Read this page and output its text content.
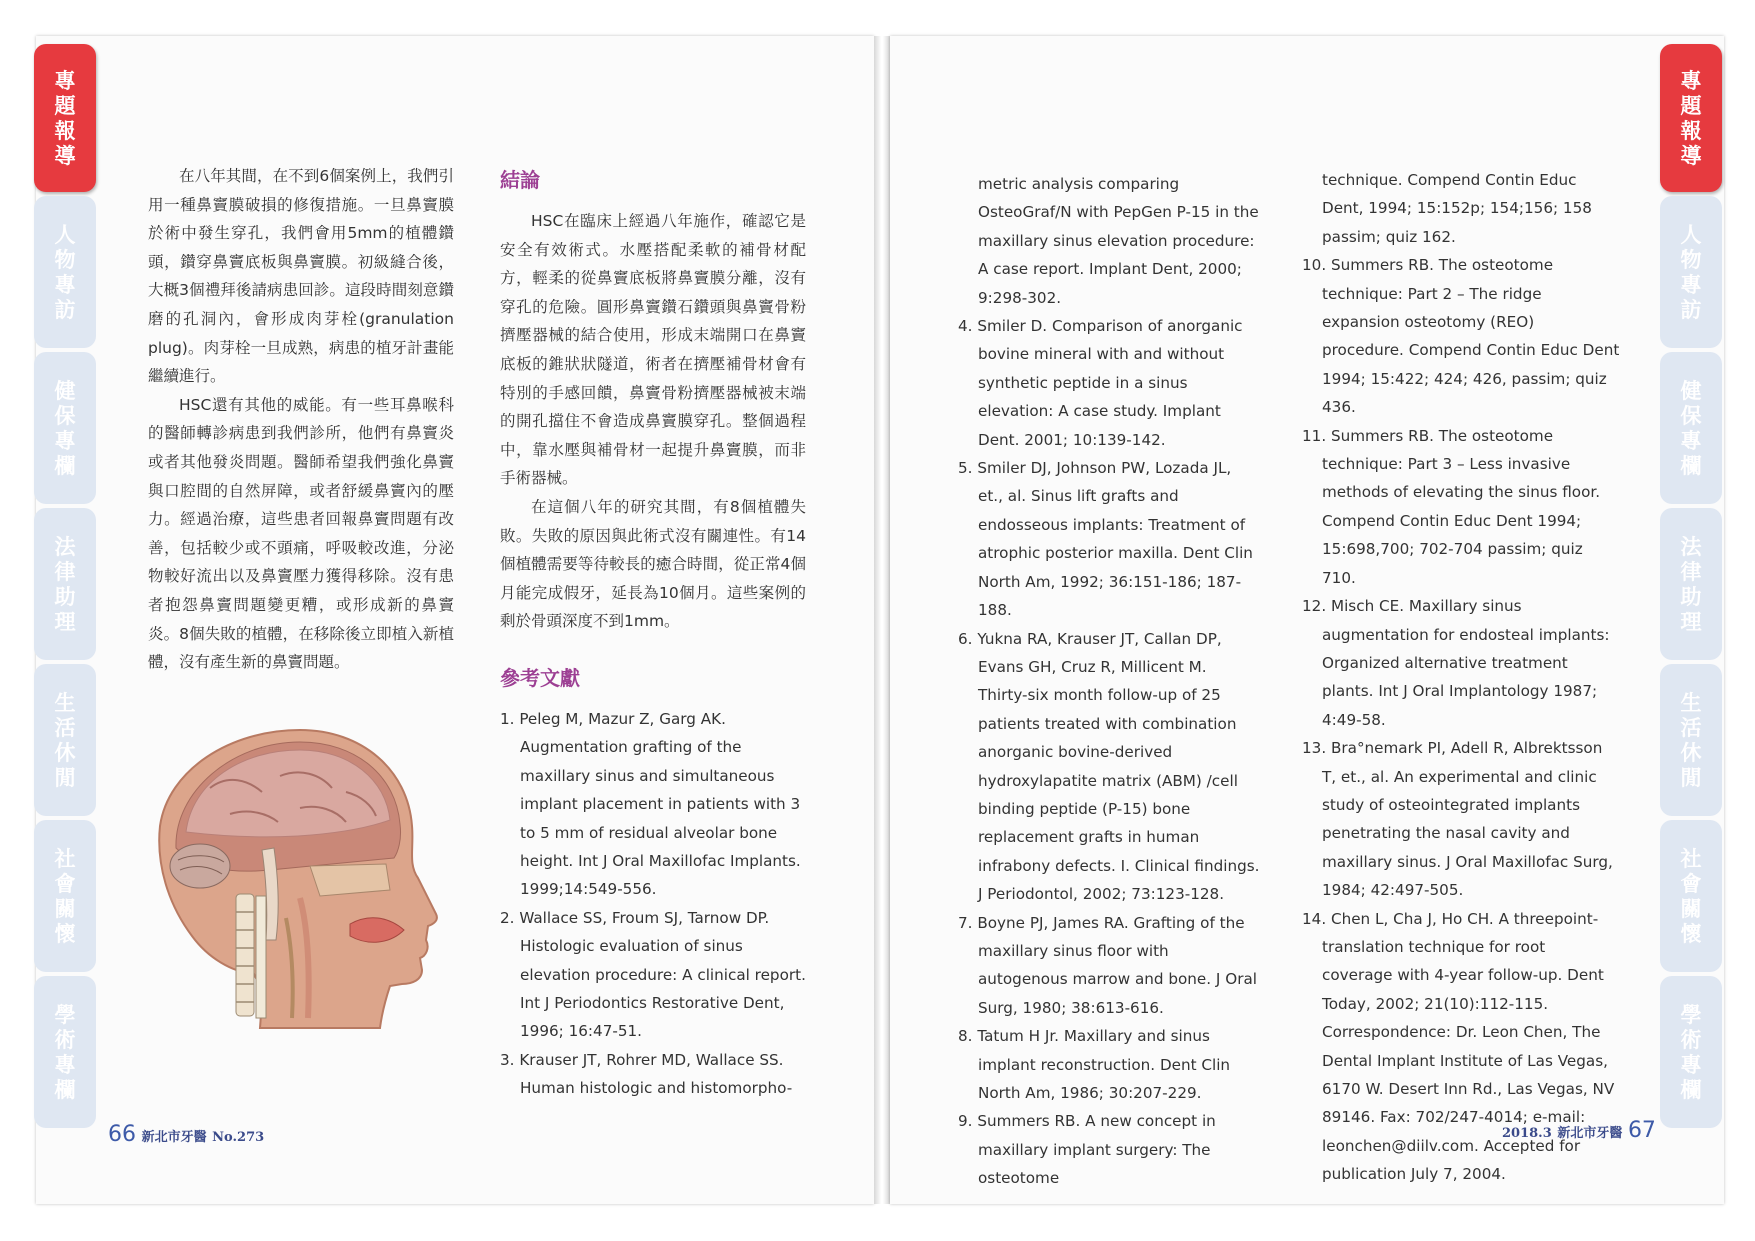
專題報導
人物專訪
健保專欄
法律助理
生活休閒
社會關懷
學術專欄
專題報導
人物專訪
健保專欄
法律助理
生活休閒
社會關懷
學術專欄

在八年其間，在不到6個案例上，我們引用一種鼻竇膜破損的修復措施。一旦鼻竇膜於術中發生穿孔，我們會用5mm的植體鑽頭，鑽穿鼻竇底板與鼻竇膜。初級縫合後，大概3個禮拜後請病患回診。這段時間刻意鑽磨的孔洞內，會形成肉芽栓(granulation plug)。肉芽栓一旦成熟，病患的植牙計畫能繼續進行。

HSC還有其他的威能。有一些耳鼻喉科的醫師轉診病患到我們診所，他們有鼻竇炎或者其他發炎問題。醫師希望我們強化鼻竇與口腔間的自然屏障，或者舒緩鼻竇內的壓力。經過治療，這些患者回報鼻竇問題有改善，包括較少或不頭痛，呼吸較改進，分泌物較好流出以及鼻竇壓力獲得移除。沒有患者抱怨鼻竇問題變更糟，或形成新的鼻竇炎。8個失敗的植體，在移除後立即植入新植體，沒有產生新的鼻竇問題。

結論

HSC在臨床上經過八年施作，確認它是安全有效術式。水壓搭配柔軟的補骨材配方，輕柔的從鼻竇底板將鼻竇膜分離，沒有穿孔的危險。圓形鼻竇鑽石鑽頭與鼻竇骨粉擠壓器械的結合使用，形成末端開口在鼻竇底板的錐狀狀隧道，術者在擠壓補骨材會有特別的手感回饋，鼻竇骨粉擠壓器械被末端的開孔擋住不會造成鼻竇膜穿孔。整個過程中，靠水壓與補骨材一起提升鼻竇膜，而非手術器械。

在這個八年的研究其間，有8個植體失敗。失敗的原因與此術式沒有關連性。有14個植體需要等待較長的癒合時間，從正常4個月能完成假牙，延長為10個月。這些案例的剩於骨頭深度不到1mm。

參考文獻
1. Peleg M, Mazur Z, Garg AK. Augmentation grafting of the maxillary sinus and simultaneous implant placement in patients with 3 to 5 mm of residual alveolar bone height. Int J Oral Maxillofac Implants. 1999;14:549-556.
2. Wallace SS, Froum SJ, Tarnow DP. Histologic evaluation of sinus elevation procedure: A clinical report. Int J Periodontics Restorative Dent, 1996; 16:47-51.
3. Krauser JT, Rohrer MD, Wallace SS. Human histologic and histomorpho-
66 新北市牙醫 No.273
metric analysis comparing OsteoGraf/N with PepGen P-15 in the maxillary sinus elevation procedure: A case report. Implant Dent, 2000; 9:298-302.
4. Smiler D. Comparison of anorganic bovine mineral with and without synthetic peptide in a sinus elevation: A case study. Implant Dent. 2001; 10:139-142.
5. Smiler DJ, Johnson PW, Lozada JL, et., al. Sinus lift grafts and endosseous implants: Treatment of atrophic posterior maxilla. Dent Clin North Am, 1992; 36:151-186; 187-188.
6. Yukna RA, Krauser JT, Callan DP, Evans GH, Cruz R, Millicent M. Thirty-six month follow-up of 25 patients treated with combination anorganic bovine-derived hydroxylapatite matrix (ABM) /cell binding peptide (P-15) bone replacement grafts in human infrabony defects. I. Clinical findings. J Periodontol, 2002; 73:123-128.
7. Boyne PJ, James RA. Grafting of the maxillary sinus floor with autogenous marrow and bone. J Oral Surg, 1980; 38:613-616.
8. Tatum H Jr. Maxillary and sinus implant reconstruction. Dent Clin North Am, 1986; 30:207-229.
9. Summers RB. A new concept in maxillary implant surgery: The osteotome
technique. Compend Contin Educ Dent, 1994; 15:152p; 154;156; 158 passim; quiz 162.
10. Summers RB. The osteotome technique: Part 2 – The ridge expansion osteotomy (REO) procedure. Compend Contin Educ Dent 1994; 15:422; 424; 426, passim; quiz 436.
11. Summers RB. The osteotome technique: Part 3 – Less invasive methods of elevating the sinus floor. Compend Contin Educ Dent 1994; 15:698,700; 702-704 passim; quiz 710.
12. Misch CE. Maxillary sinus augmentation for endosteal implants: Organized alternative treatment plants. Int J Oral Implantology 1987; 4:49-58.
13. Bra°nemark PI, Adell R, Albrektsson T, et., al. An experimental and clinic study of osteointegrated implants penetrating the nasal cavity and maxillary sinus. J Oral Maxillofac Surg, 1984; 42:497-505.
14. Chen L, Cha J, Ho CH. A threepoint-translation technique for root coverage with 4-year follow-up. Dent Today, 2002; 21(10):112-115. Correspondence: Dr. Leon Chen, The Dental Implant Institute of Las Vegas, 6170 W. Desert Inn Rd., Las Vegas, NV 89146. Fax: 702/247-4014; e-mail: leonchen@diilv.com. Accepted for publication July 7, 2004.
2018.3 新北市牙醫 67
